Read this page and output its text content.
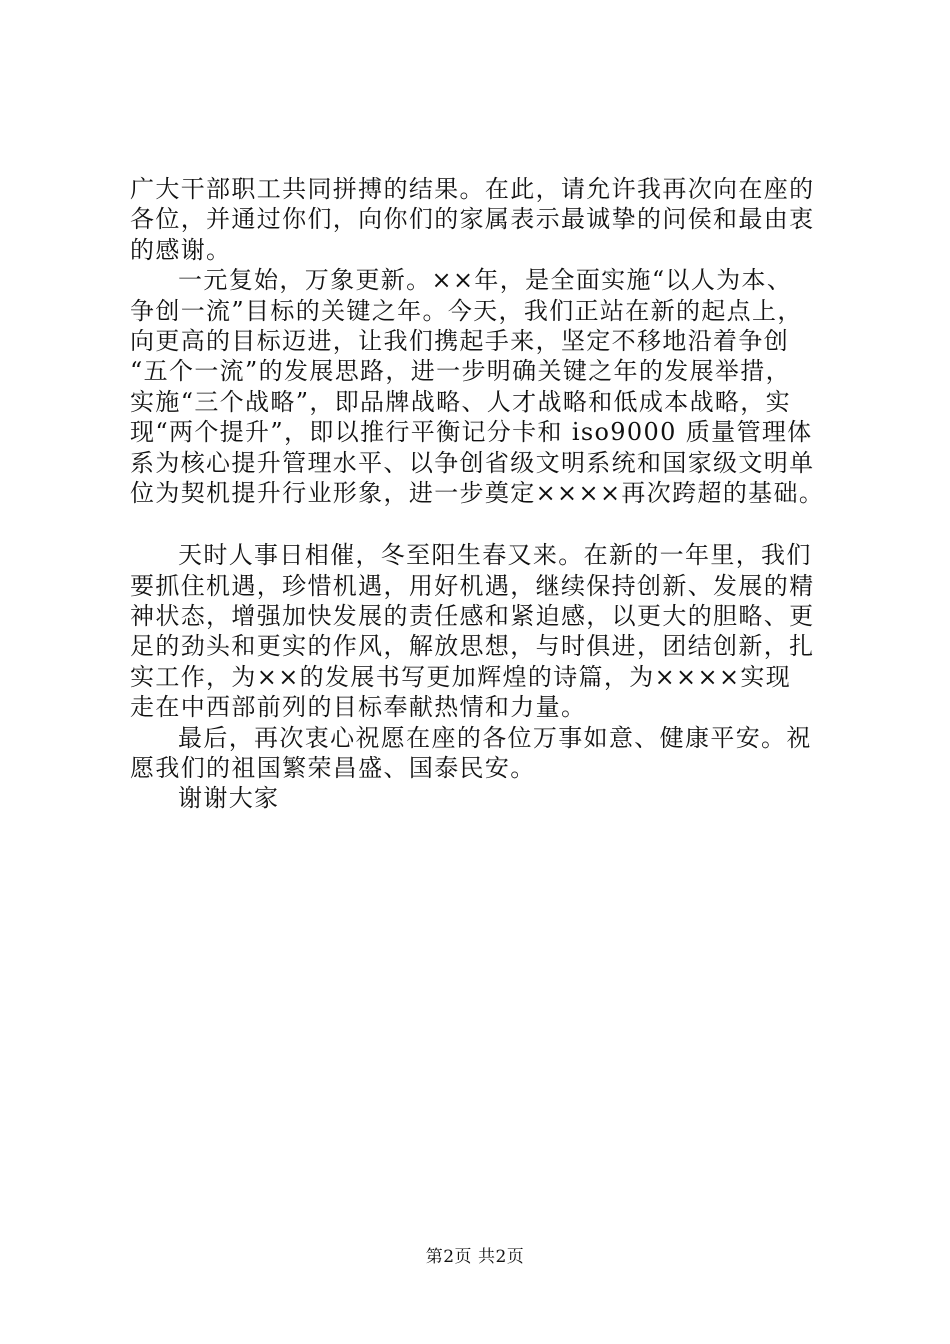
广大干部职工共同拼搏的结果。在此，请允许我再次向在座的
各位，并通过你们，向你们的家属表示最诚挚的问侯和最由衷
的感谢。
一元复始，万象更新。××年，是全面实施“以人为本、
争创一流”目标的关键之年。今天，我们正站在新的起点上，
向更高的目标迈进，让我们携起手来，坚定不移地沿着争创
“五个一流”的发展思路，进一步明确关键之年的发展举措，
实施“三个战略”，即品牌战略、人才战略和低成本战略，实
现“两个提升”，即以推行平衡记分卡和 iso9000 质量管理体
系为核心提升管理水平、以争创省级文明系统和国家级文明单
位为契机提升行业形象，进一步奠定××××再次跨超的基础。
天时人事日相催，冬至阳生春又来。在新的一年里，我们
要抓住机遇，珍惜机遇，用好机遇，继续保持创新、发展的精
神状态，增强加快发展的责任感和紧迫感，以更大的胆略、更
足的劲头和更实的作风，解放思想，与时俱进，团结创新，扎
实工作，为××的发展书写更加辉煌的诗篇，为××××实现
走在中西部前列的目标奉献热情和力量。
最后，再次衷心祝愿在座的各位万事如意、健康平安。祝
愿我们的祖国繁荣昌盛、国泰民安。
谢谢大家
第2页 共2页
